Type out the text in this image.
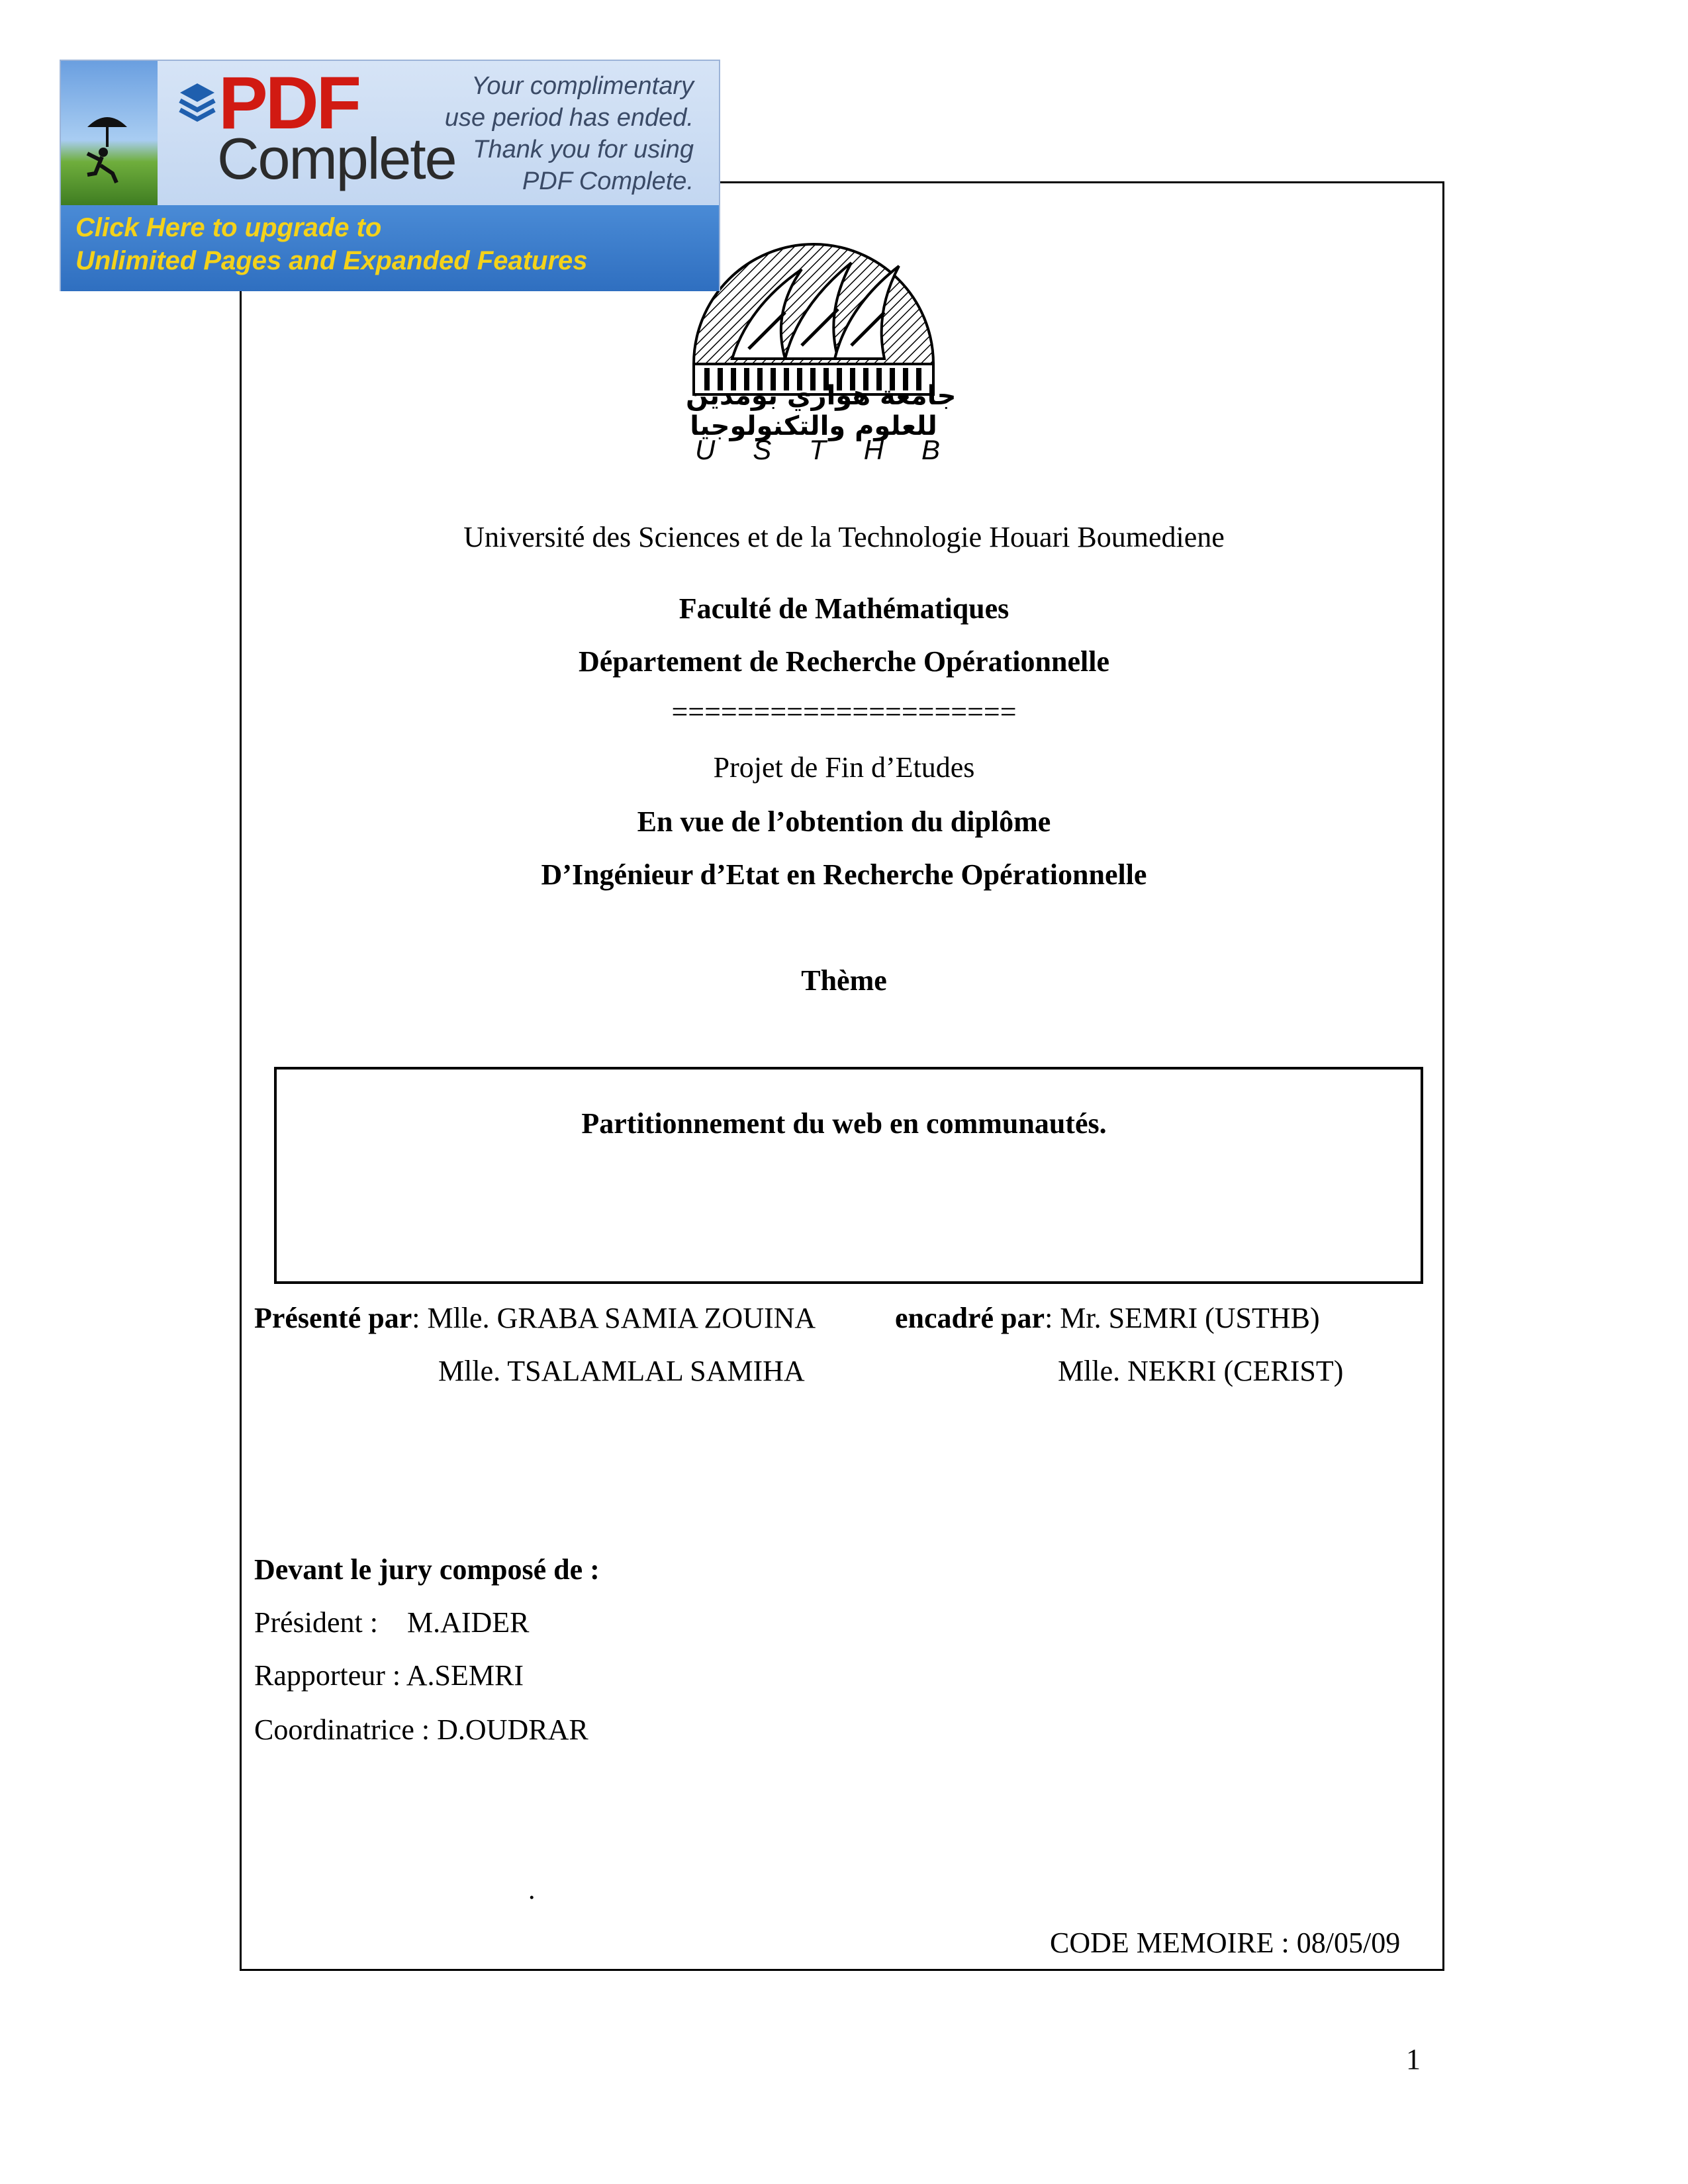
PDF
Complete
Your complimentary
use period has ended.
Thank you for using
PDF Complete.
Click Here to upgrade to
Unlimited Pages and Expanded Features
جامعة هواري بومدين
للعلوم والتكنولوجيا
U S T H B
Université des Sciences et de la Technologie Houari Boumediene
Faculté de Mathématiques
Département de Recherche Opérationnelle
=====================
Projet de Fin d’Etudes
En vue de l’obtention du diplôme
D’Ingénieur d’Etat en Recherche Opérationnelle
Thème
Partitionnement du web en communautés.
Présenté par: Mlle. GRABA SAMIA ZOUINA
Mlle. TSALAMLAL SAMIHA
encadré par: Mr. SEMRI (USTHB)
Mlle. NEKRI (CERIST)
Devant le jury composé de :
Président :    M.AIDER
Rapporteur : A.SEMRI
Coordinatrice : D.OUDRAR
.
CODE MEMOIRE : 08/05/09
1
